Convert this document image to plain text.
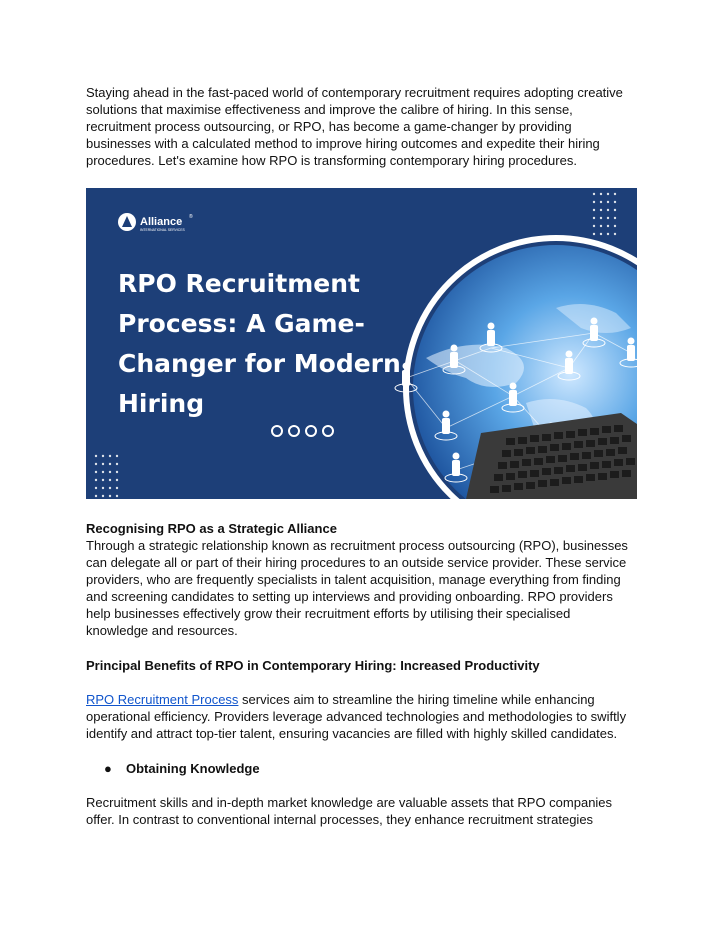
Staying ahead in the fast-paced world of contemporary recruitment requires adopting creative solutions that maximise effectiveness and improve the calibre of hiring. In this sense, recruitment process outsourcing, or RPO, has become a game-changer by providing businesses with a calculated method to improve hiring outcomes and expedite their hiring procedures. Let's examine how RPO is transforming contemporary hiring procedures.

Alliance ®
INTERNATIONAL SERVICES
RPO Recruitment
Process: A Game-
Changer for Modern
Hiring

Recognising RPO as a Strategic Alliance

Through a strategic relationship known as recruitment process outsourcing (RPO), businesses can delegate all or part of their hiring procedures to an outside service provider. These service providers, who are frequently specialists in talent acquisition, manage everything from finding and screening candidates to setting up interviews and providing onboarding. RPO providers help businesses effectively grow their recruitment efforts by utilising their specialised knowledge and resources.

Principal Benefits of RPO in Contemporary Hiring: Increased Productivity

RPO Recruitment Process services aim to streamline the hiring timeline while enhancing operational efficiency. Providers leverage advanced technologies and methodologies to swiftly identify and attract top-tier talent, ensuring vacancies are filled with highly skilled candidates.

● Obtaining Knowledge

Recruitment skills and in-depth market knowledge are valuable assets that RPO companies offer. In contrast to conventional internal processes, they enhance recruitment strategies
